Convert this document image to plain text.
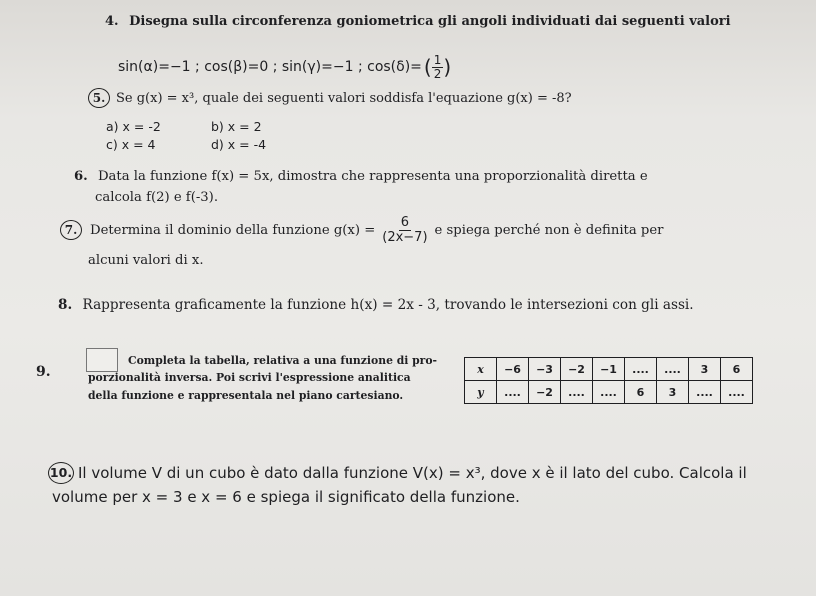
4. Disegna sulla circonferenza goniometrica gli angoli individuati dai seguenti valori
sin(α)=−1 ; cos(β)=0 ; sin(γ)=−1 ; cos(δ)= ( $\frac{1}{2}$ )
5. Se g(x) = x³, quale dei seguenti valori soddisfa l'equazione g(x) = -8?
a) x = -2	b) x = 2
c) x = 4	d) x = -4
6. Data la funzione f(x) = 5x, dimostra che rappresenta una proporzionalità diretta e
calcola f(2) e f(-3).
7. Determina il dominio della funzione $g(x) = \frac{6}{(2x-7)}$ e spiega perché non è definita per
alcuni valori di x.
8. Rappresenta graficamente la funzione h(x) = 2x - 3, trovando le intersezioni con gli assi.
9.
Completa la tabella, relativa a una funzione di pro-
porzionalità inversa. Poi scrivi l'espressione analitica
della funzione e rappresentala nel piano cartesiano.
x	−6	−3	−2	−1	....	....	3	6
y	....	−2	....	....	6	3	....	....
10. Il volume V di un cubo è dato dalla funzione V(x) = x³, dove x è il lato del cubo. Calcola il
volume per x = 3 e x = 6 e spiega il significato della funzione.
